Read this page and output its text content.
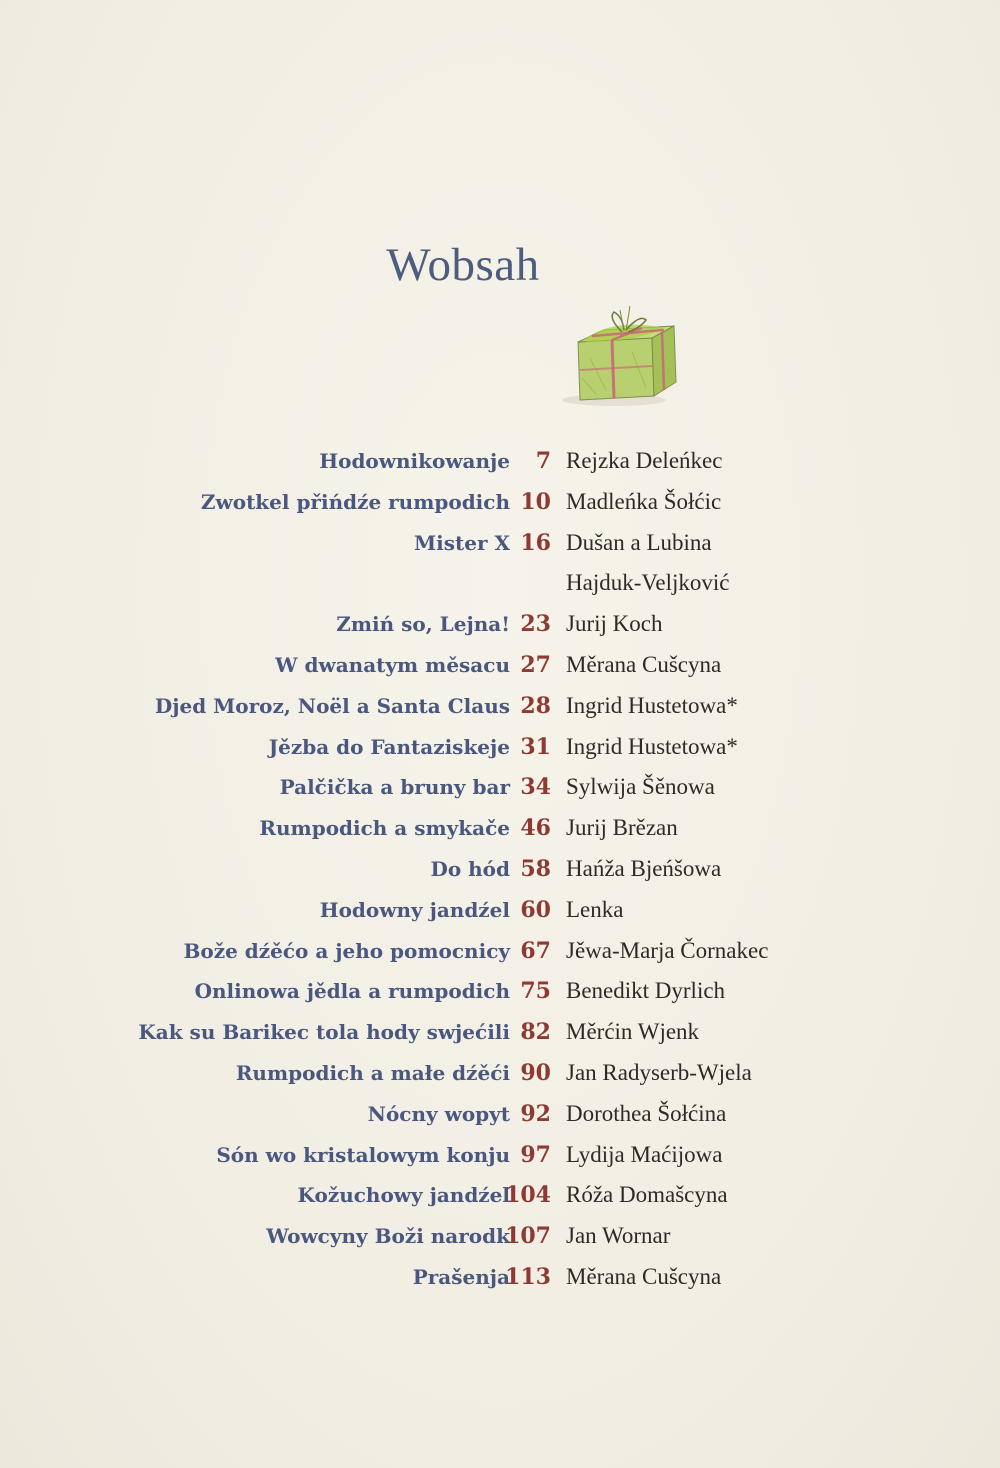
Wobsah
Hodownikowanje 7 Rejzka Deleńkec
Zwotkel přińdźe rumpodich 10 Madleńka Šołćic
Mister X 16 Dušan a Lubina
Hajduk-Veljković
Zmiń so, Lejna! 23 Jurij Koch
W dwanatym měsacu 27 Měrana Cušcyna
Djed Moroz, Noël a Santa Claus 28 Ingrid Hustetowa*
Jězba do Fantaziskeje 31 Ingrid Hustetowa*
Palčička a bruny bar 34 Sylwija Šěnowa
Rumpodich a smykače 46 Jurij Brězan
Do hód 58 Hańža Bjeńšowa
Hodowny jandźel 60 Lenka
Bože dźěćo a jeho pomocnicy 67 Jěwa-Marja Čornakec
Onlinowa jědla a rumpodich 75 Benedikt Dyrlich
Kak su Barikec tola hody swjećili 82 Měrćin Wjenk
Rumpodich a małe dźěći 90 Jan Radyserb-Wjela
Nócny wopyt 92 Dorothea Šołćina
Són wo kristalowym konju 97 Lydija Maćijowa
Kožuchowy jandźel
104 Róža Domašcyna
Wowcyny Boži narodk
107 Jan Wornar
Prašenja
113 Měrana Cušcyna
